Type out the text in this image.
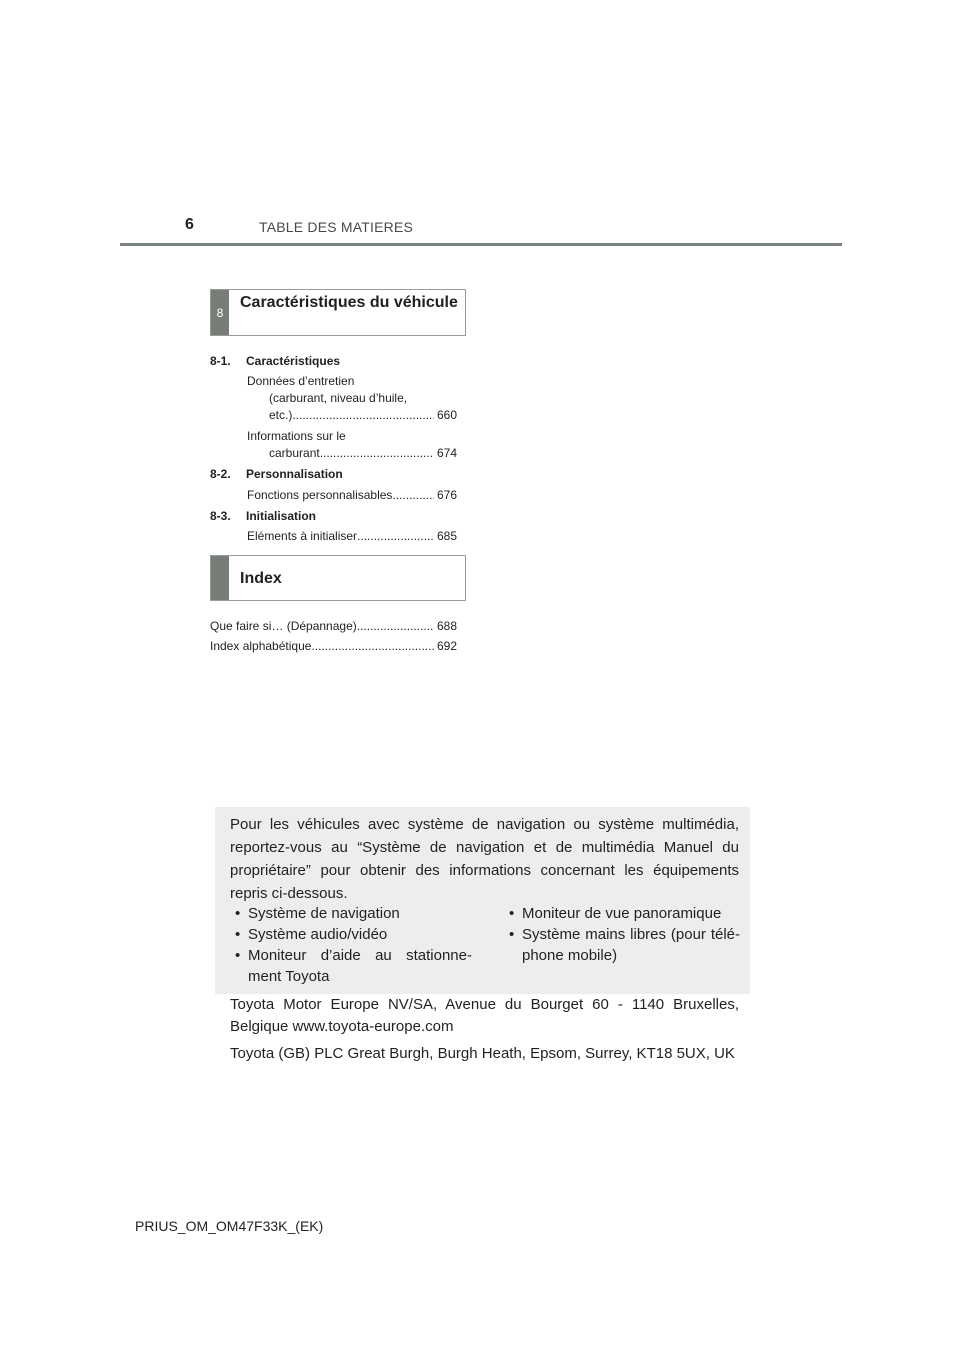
6	TABLE DES MATIERES
8
Caractéristiques du véhicule
8-1. Caractéristiques
Données d’entretien
(carburant, niveau d’huile,
etc.) .....	660
Informations sur le
carburant .....	674
8-2. Personnalisation
Fonctions personnalisables .....	676
8-3. Initialisation
Eléments à initialiser .....	685
Index
Que faire si… (Dépannage) .....	688
Index alphabétique .....	692
Pour les véhicules avec système de navigation ou système multimédia, reportez-vous au “Système de navigation et de multimédia Manuel du propriétaire” pour obtenir des informations concernant les équipements repris ci-dessous.
• Système de navigation
• Système audio/vidéo
• Moniteur d’aide au stationne- ment Toyota
• Moniteur de vue panoramique
• Système mains libres (pour télé- phone mobile)
Toyota Motor Europe NV/SA, Avenue du Bourget 60 - 1140 Bruxelles, Belgique www.toyota-europe.com
Toyota (GB) PLC Great Burgh, Burgh Heath, Epsom, Surrey, KT18 5UX, UK
PRIUS_OM_OM47F33K_(EK)
